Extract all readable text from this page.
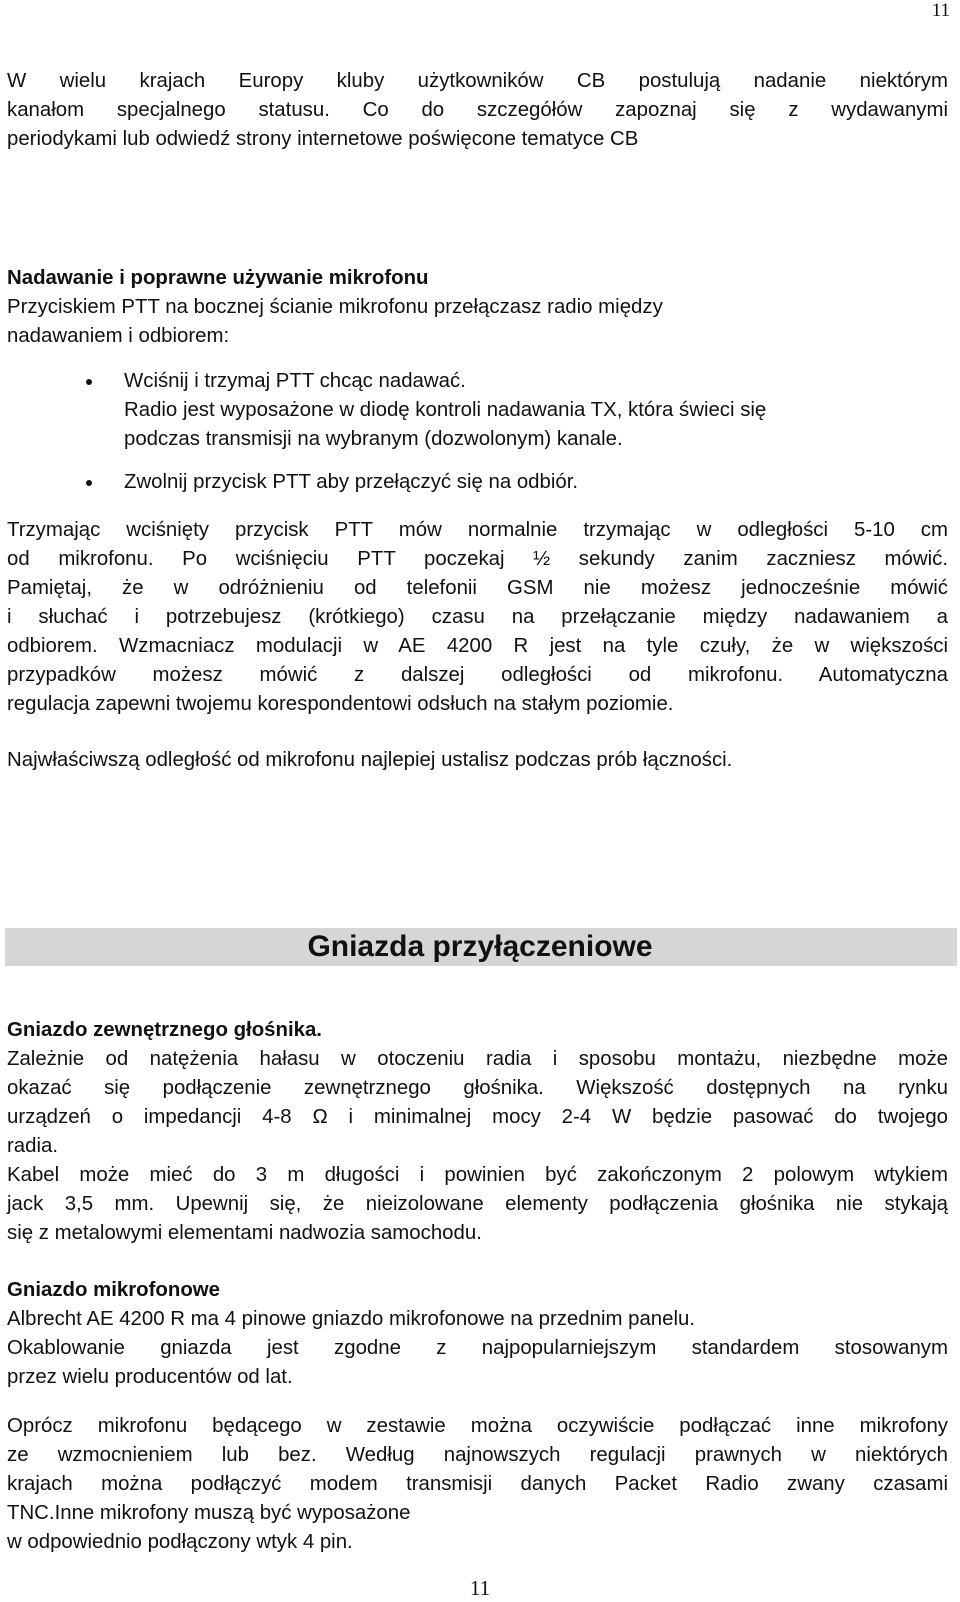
11

W wielu krajach Europy kluby użytkowników CB postulują nadanie niektórym
kanałom specjalnego statusu. Co do szczegółów zapoznaj się z wydawanymi
periodykami lub odwiedź strony internetowe poświęcone tematyce CB

Nadawanie i poprawne używanie mikrofonu

Przyciskiem PTT na bocznej ścianie mikrofonu przełączasz radio między
nadawaniem i odbiorem:

Wciśnij i trzymaj PTT chcąc nadawać.
Radio jest wyposażone w diodę kontroli nadawania TX, która świeci się
podczas transmisji na wybranym (dozwolonym) kanale.
Zwolnij przycisk PTT aby przełączyć się na odbiór.

Trzymając wciśnięty przycisk PTT mów normalnie trzymając w odległości 5-10 cm
od mikrofonu. Po wciśnięciu PTT poczekaj ½ sekundy zanim zaczniesz mówić.
Pamiętaj, że w odróżnieniu od telefonii GSM nie możesz jednocześnie mówić
i słuchać i potrzebujesz (krótkiego) czasu na przełączanie między nadawaniem a
odbiorem. Wzmacniacz modulacji w AE 4200 R jest na tyle czuły, że w większości
przypadków możesz mówić z dalszej odległości od mikrofonu. Automatyczna
regulacja zapewni twojemu korespondentowi odsłuch na stałym poziomie.

Najwłaściwszą odległość od mikrofonu najlepiej ustalisz podczas prób łączności.

Gniazda przyłączeniowe

Gniazdo zewnętrznego głośnika.

Zależnie od natężenia hałasu w otoczeniu radia i sposobu montażu, niezbędne może
okazać się podłączenie zewnętrznego głośnika. Większość dostępnych na rynku
urządzeń o impedancji 4-8 Ω i minimalnej mocy 2-4 W będzie pasować do twojego
radia.
Kabel może mieć do 3 m długości i powinien być zakończonym 2 polowym wtykiem
jack 3,5 mm. Upewnij się, że nieizolowane elementy podłączenia głośnika nie stykają
się z metalowymi elementami nadwozia samochodu.

Gniazdo mikrofonowe

Albrecht AE 4200 R ma 4 pinowe gniazdo mikrofonowe na przednim panelu.
Okablowanie gniazda jest zgodne z najpopularniejszym standardem stosowanym
przez wielu producentów od lat.

Oprócz mikrofonu będącego w zestawie można oczywiście podłączać inne mikrofony
ze wzmocnieniem lub bez. Według najnowszych regulacji prawnych w niektórych
krajach można podłączyć modem transmisji danych Packet Radio zwany czasami
TNC.Inne mikrofony muszą być wyposażone
w odpowiednio podłączony wtyk 4 pin.

11
